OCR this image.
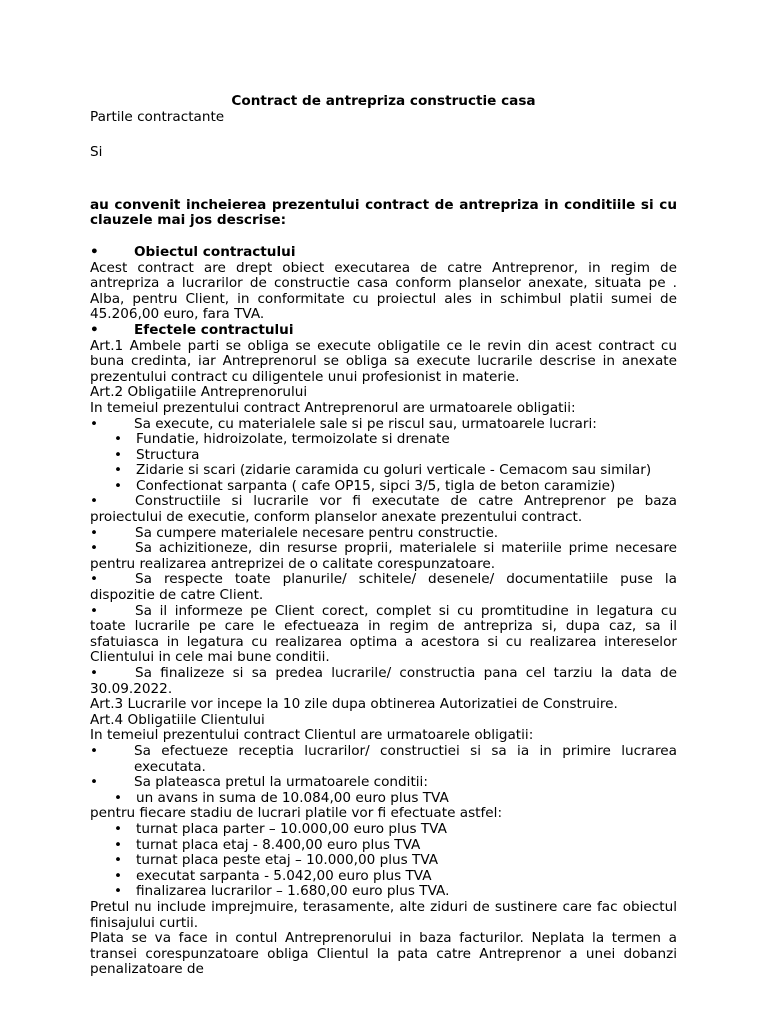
Contract de antrepriza constructie casa

Partile contractante

Si

au convenit incheierea prezentului contract de antrepriza in conditiile si cu clauzele mai jos descrise:

•	Obiectul contractului

Acest contract are drept obiect executarea de catre Antreprenor, in regim de antrepriza a lucrarilor de constructie casa conform planselor anexate, situata pe . Alba, pentru Client, in conformitate cu proiectul ales in schimbul platii sumei de 45.206,00 euro, fara TVA.

•	Efectele contractului

Art.1 Ambele parti se obliga se execute obligatile ce le revin din acest contract cu buna credinta, iar Antreprenorul se obliga sa execute lucrarile descrise in anexate prezentului contract cu diligentele unui profesionist in materie.

Art.2 Obligatiile Antreprenorului

In temeiul prezentului contract Antreprenorul are urmatoarele obligatii:

•	Sa execute, cu materialele sale si pe riscul sau, urmatoarele lucrari:
• Fundatie, hidroizolate, termoizolate si drenate
• Structura
• Zidarie si scari (zidarie caramida cu goluri verticale - Cemacom sau similar)
• Confectionat sarpanta ( cafe OP15, sipci 3/5, tigla de beton caramizie)

•	Constructiile si lucrarile vor fi executate de catre Antreprenor pe baza proiectului de executie, conform planselor anexate prezentului contract.

•	Sa cumpere materialele necesare pentru constructie.

•	Sa achizitioneze, din resurse proprii, materialele si materiile prime necesare pentru realizarea antreprizei de o calitate corespunzatoare.

•	Sa respecte toate planurile/ schitele/ desenele/ documentatiile puse la dispozitie de catre Client.

•	Sa il informeze pe Client corect, complet si cu promtitudine in legatura cu toate lucrarile pe care le efectueaza in regim de antrepriza si, dupa caz, sa il sfatuiasca in legatura cu realizarea optima a acestora si cu realizarea intereselor Clientului in cele mai bune conditii.

•	Sa finalizeze si sa predea lucrarile/ constructia pana cel tarziu la data de 30.09.2022.

Art.3 Lucrarile vor incepe la 10 zile dupa obtinerea Autorizatiei de Construire.

Art.4 Obligatiile Clientului

In temeiul prezentului contract Clientul are urmatoarele obligatii:

•	Sa efectueze receptia lucrarilor/ constructiei si sa ia in primire lucrarea executata.
•	Sa plateasca pretul la urmatoarele conditii:
• un avans in suma de 10.084,00 euro plus TVA

pentru fiecare stadiu de lucrari platile vor fi efectuate astfel:

• turnat placa parter – 10.000,00 euro plus TVA
• turnat placa etaj - 8.400,00 euro plus TVA
• turnat placa peste etaj – 10.000,00 plus TVA
• executat sarpanta - 5.042,00 euro plus TVA
• finalizarea lucrarilor – 1.680,00 euro plus TVA.

Pretul nu include imprejmuire, terasamente, alte ziduri de sustinere care fac obiectul finisajului curtii.

Plata se va face in contul Antreprenorului in baza facturilor. Neplata la termen a transei corespunzatoare obliga Clientul la pata catre Antreprenor a unei dobanzi penalizatoare de
